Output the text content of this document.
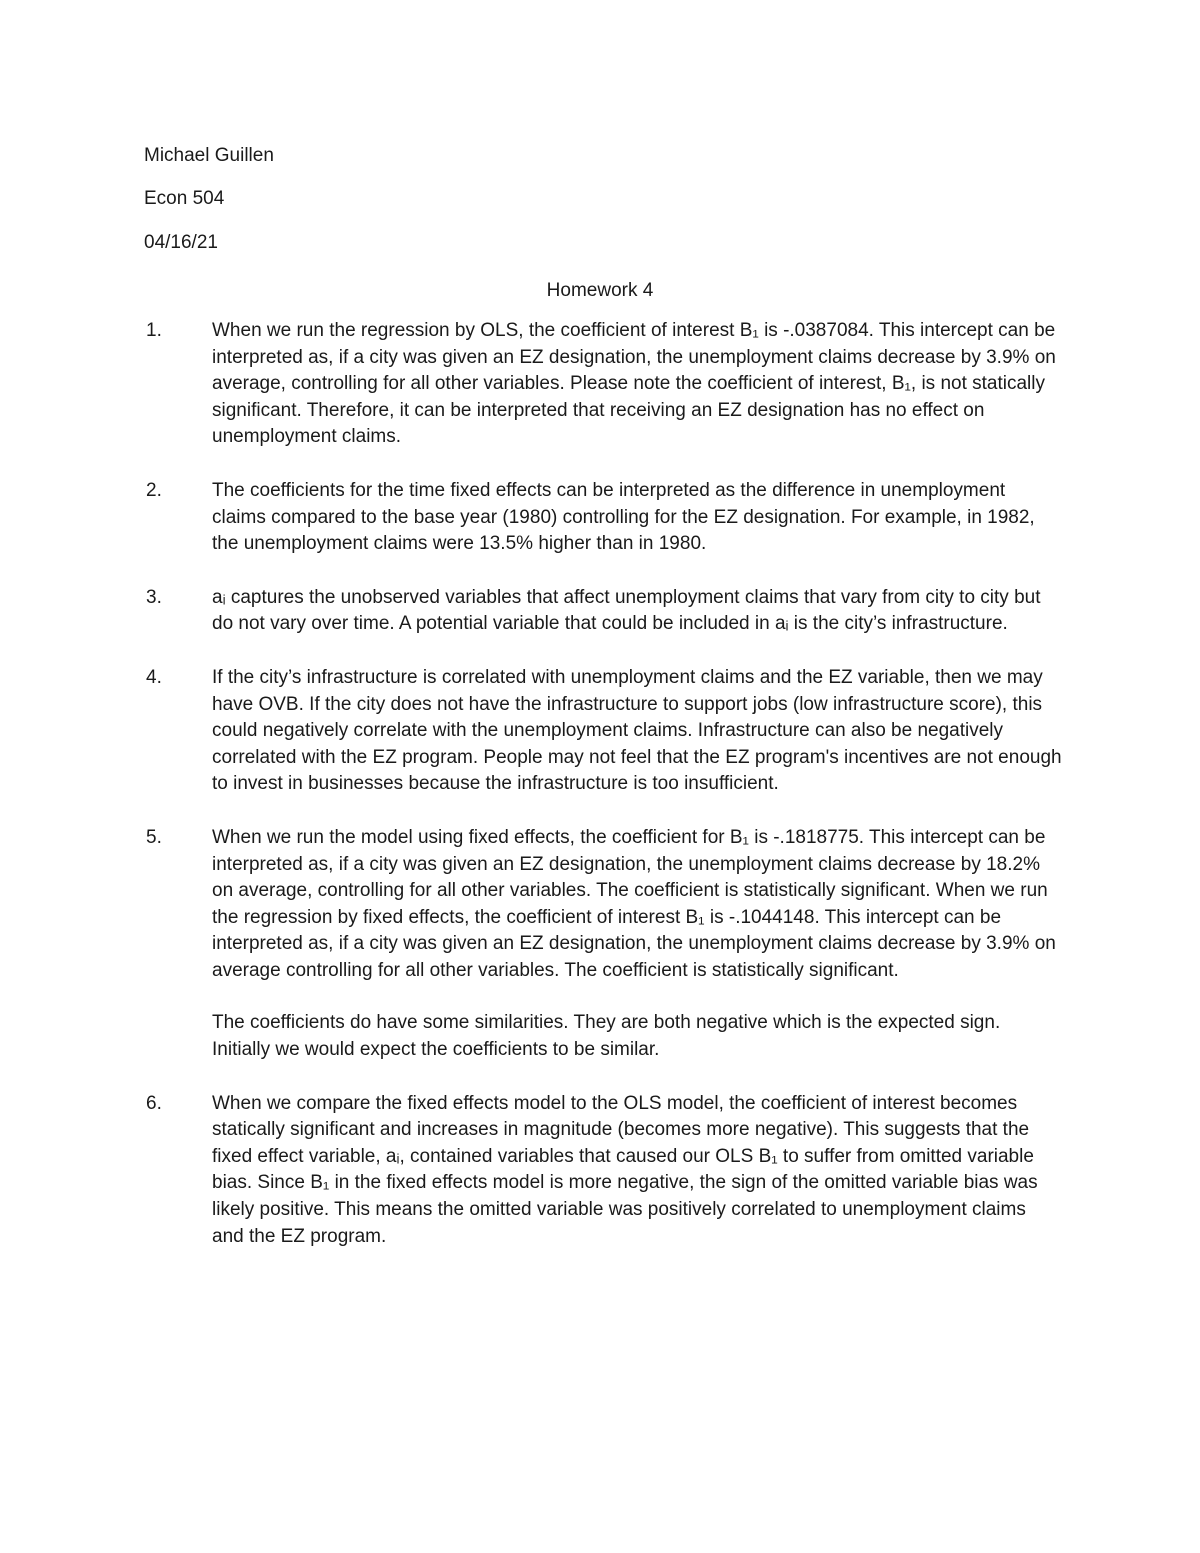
Michael Guillen

Econ 504

04/16/21

Homework 4
1.	When we run the regression by OLS, the coefficient of interest B₁ is -.0387084. This intercept can be interpreted as, if a city was given an EZ designation, the unemployment claims decrease by 3.9% on average, controlling for all other variables. Please note the coefficient of interest, B₁, is not statically significant. Therefore, it can be interpreted that receiving an EZ designation has no effect on unemployment claims.

2.	The coefficients for the time fixed effects can be interpreted as the difference in unemployment claims compared to the base year (1980) controlling for the EZ designation. For example, in 1982, the unemployment claims were 13.5% higher than in 1980.

3.	aᵢ captures the unobserved variables that affect unemployment claims that vary from city to city but do not vary over time. A potential variable that could be included in aᵢ is the city’s infrastructure.

4.	If the city’s infrastructure is correlated with unemployment claims and the EZ variable, then we may have OVB. If the city does not have the infrastructure to support jobs (low infrastructure score), this could negatively correlate with the unemployment claims. Infrastructure can also be negatively correlated with the EZ program. People may not feel that the EZ program's incentives are not enough to invest in businesses because the infrastructure is too insufficient.

5.	When we run the model using fixed effects, the coefficient for B₁ is -.1818775. This intercept can be interpreted as, if a city was given an EZ designation, the unemployment claims decrease by 18.2% on average, controlling for all other variables. The coefficient is statistically significant. When we run the regression by fixed effects, the coefficient of interest B₁ is -.1044148. This intercept can be interpreted as, if a city was given an EZ designation, the unemployment claims decrease by 3.9% on average controlling for all other variables. The coefficient is statistically significant.

The coefficients do have some similarities. They are both negative which is the expected sign. Initially we would expect the coefficients to be similar.

6.	When we compare the fixed effects model to the OLS model, the coefficient of interest becomes statically significant and increases in magnitude (becomes more negative). This suggests that the fixed effect variable, aᵢ, contained variables that caused our OLS B₁ to suffer from omitted variable bias. Since B₁ in the fixed effects model is more negative, the sign of the omitted variable bias was likely positive. This means the omitted variable was positively correlated to unemployment claims and the EZ program.
